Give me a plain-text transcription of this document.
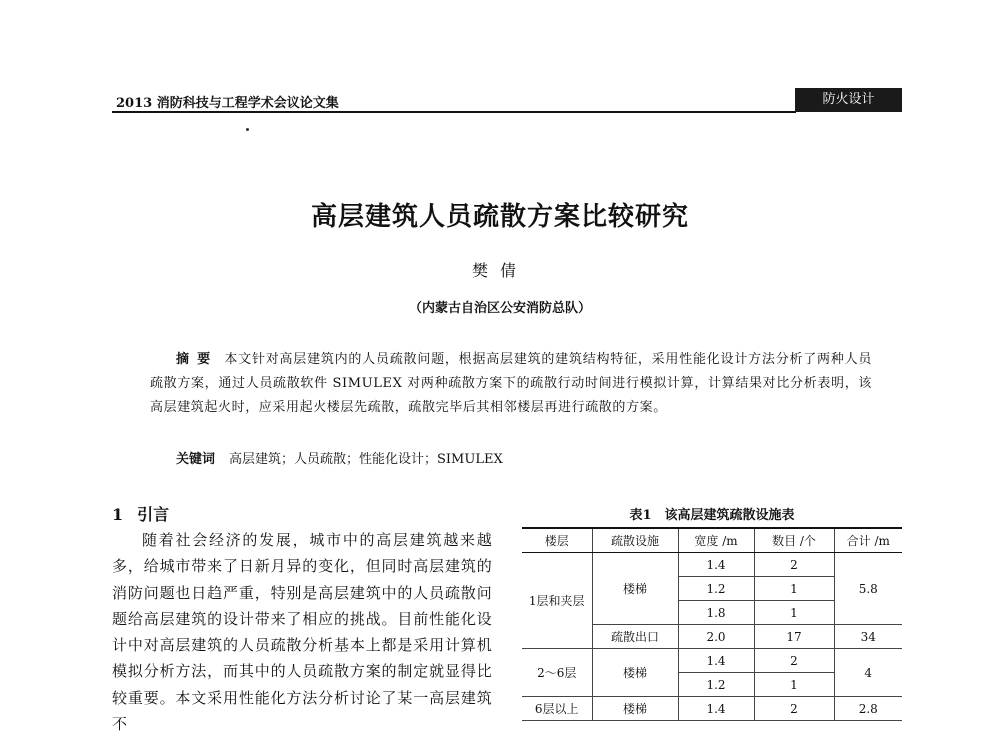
2013 消防科技与工程学术会议论文集	防火设计
高层建筑人员疏散方案比较研究
樊倩
（内蒙古自治区公安消防总队）
摘要 本文针对高层建筑内的人员疏散问题，根据高层建筑的建筑结构特征，采用性能化设计方法分析了两种人员疏散方案，通过人员疏散软件 SIMULEX 对两种疏散方案下的疏散行动时间进行模拟计算，计算结果对比分析表明，该高层建筑起火时，应采用起火楼层先疏散，疏散完毕后其相邻楼层再进行疏散的方案。
关键词 高层建筑；人员疏散；性能化设计；SIMULEX
1 引言

随着社会经济的发展，城市中的高层建筑越来越多，给城市带来了日新月异的变化，但同时高层建筑的消防问题也日趋严重，特别是高层建筑中的人员疏散问题给高层建筑的设计带来了相应的挑战。目前性能化设计中对高层建筑的人员疏散分析基本上都是采用计算机模拟分析方法，而其中的人员疏散方案的制定就显得比较重要。本文采用性能化方法分析讨论了某一高层建筑不

表1　该高层建筑疏散设施表
楼层	疏散设施	宽度 /m	数目 /个	合计 /m
1层和夹层	楼梯	1.4	2	5.8
		1.2	1	
		1.8	1	
	疏散出口	2.0	17	34
2～6层	楼梯	1.4	2	4
		1.2	1	
6层以上	楼梯	1.4	2	2.8
